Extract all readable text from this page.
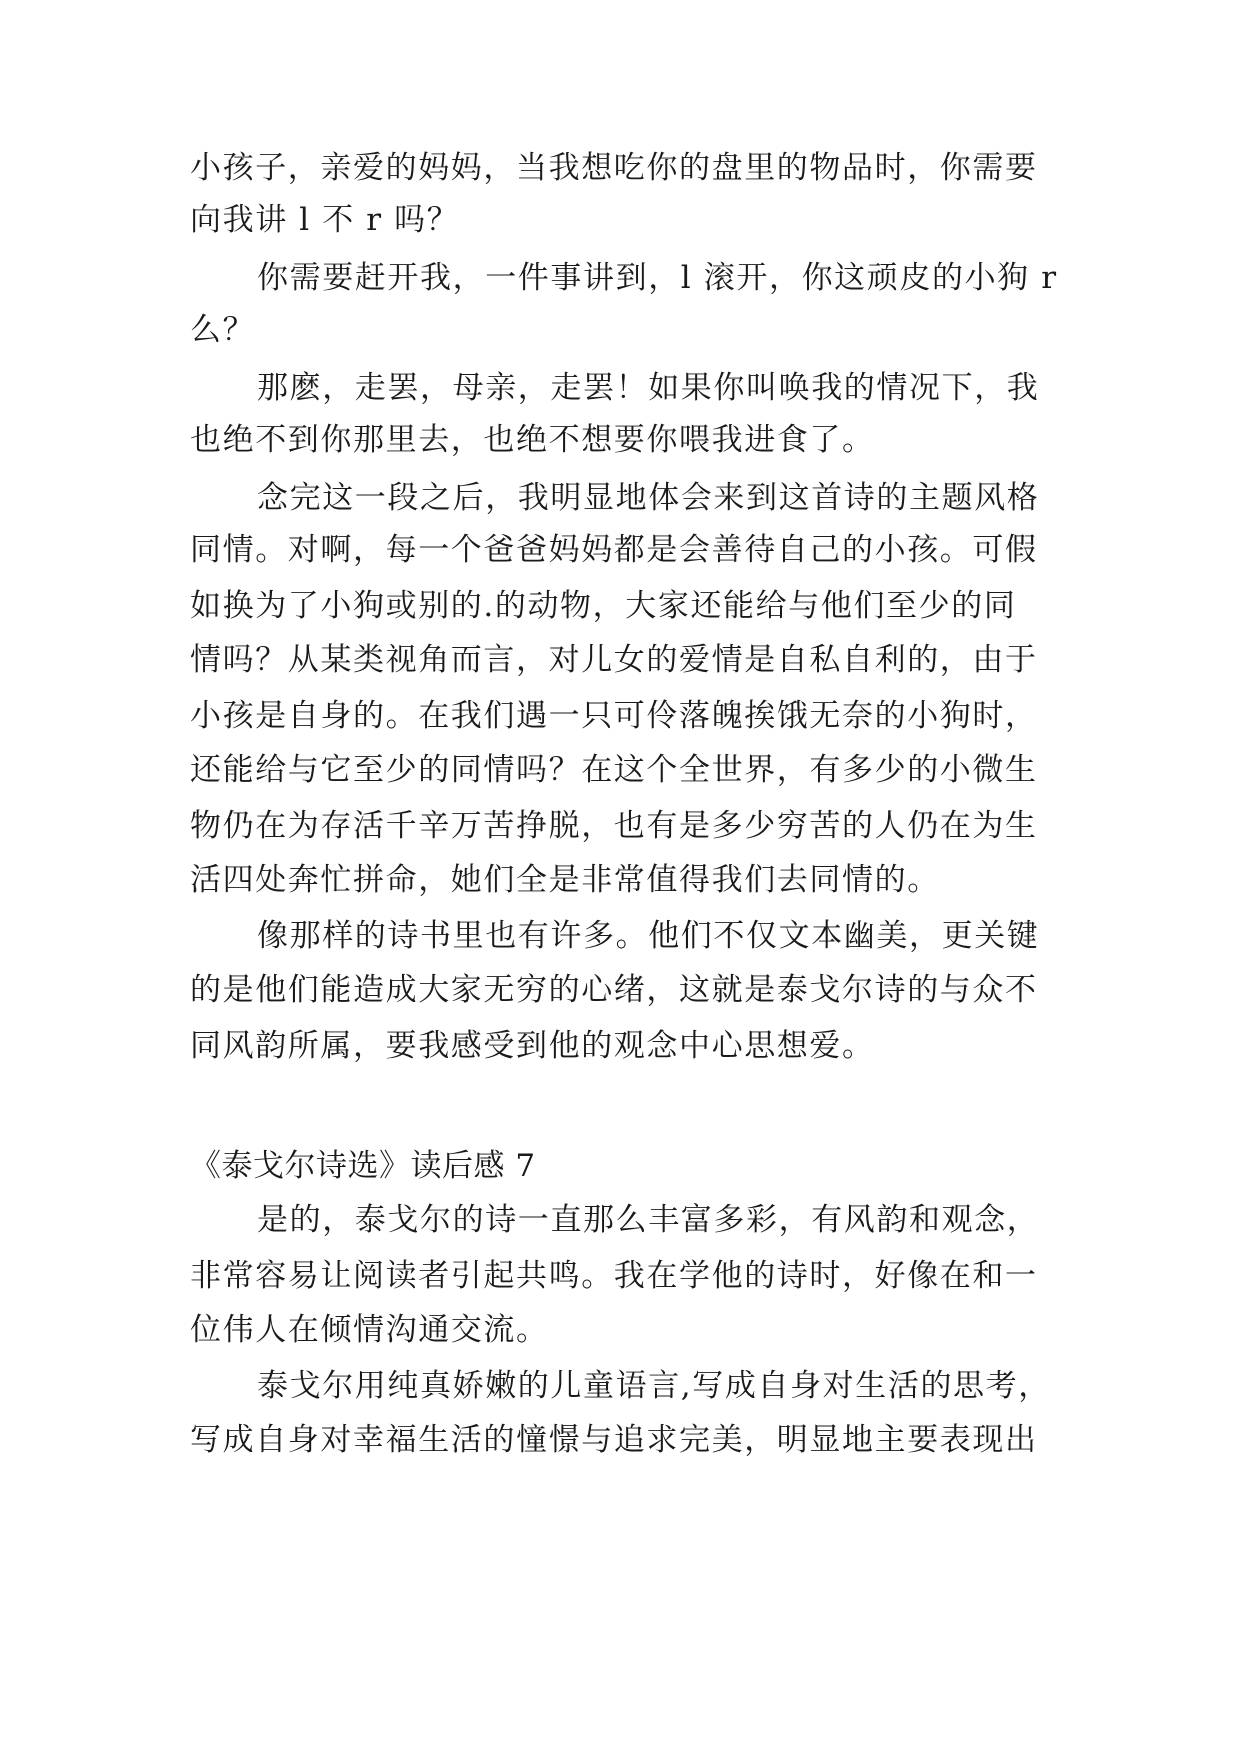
小孩子，亲爱的妈妈，当我想吃你的盘里的物品时，你需要
向我讲 l 不 r 吗？
你需要赶开我，一件事讲到，l 滚开，你这顽皮的小狗 r
么？
那麽，走罢，母亲，走罢！如果你叫唤我的情况下，我
也绝不到你那里去，也绝不想要你喂我进食了。
念完这一段之后，我明显地体会来到这首诗的主题风格
同情。对啊，每一个爸爸妈妈都是会善待自己的小孩。可假
如换为了小狗或别的.的动物，大家还能给与他们至少的同
情吗？从某类视角而言，对儿女的爱情是自私自利的，由于
小孩是自身的。在我们遇一只可伶落魄挨饿无奈的小狗时，
还能给与它至少的同情吗？在这个全世界，有多少的小微生
物仍在为存活千辛万苦挣脱，也有是多少穷苦的人仍在为生
活四处奔忙拼命，她们全是非常值得我们去同情的。
像那样的诗书里也有许多。他们不仅文本幽美，更关键
的是他们能造成大家无穷的心绪，这就是泰戈尔诗的与众不
同风韵所属，要我感受到他的观念中心思想爱。
《泰戈尔诗选》读后感 7
是的，泰戈尔的诗一直那么丰富多彩，有风韵和观念，
非常容易让阅读者引起共鸣。我在学他的诗时，好像在和一
位伟人在倾情沟通交流。
泰戈尔用纯真娇嫩的儿童语言,写成自身对生活的思考，
写成自身对幸福生活的憧憬与追求完美，明显地主要表现出
